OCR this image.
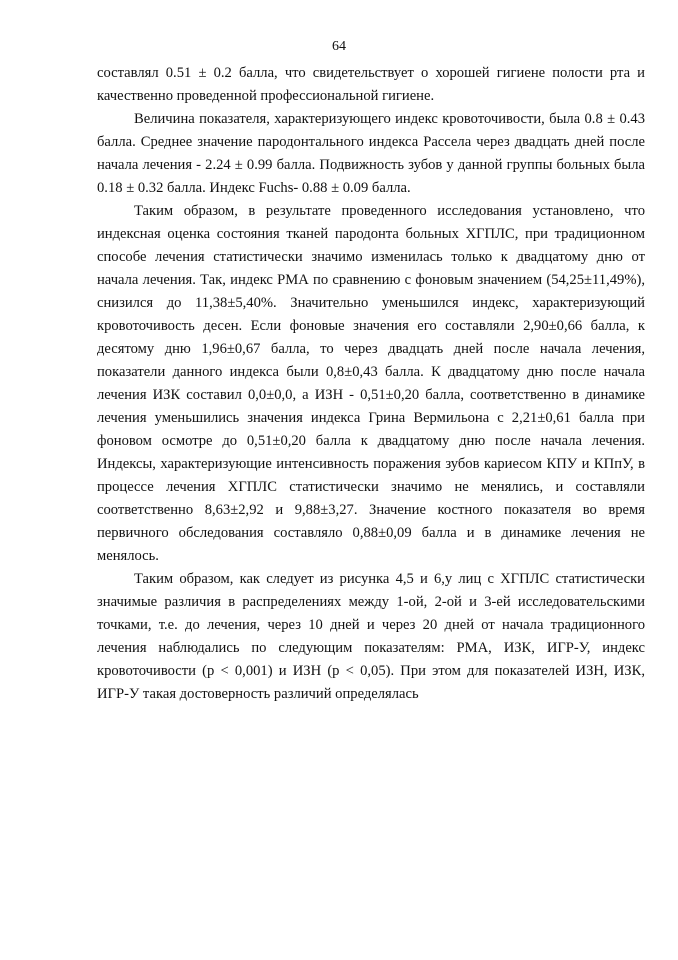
64

составлял 0.51 ± 0.2 балла, что свидетельствует о хорошей гигиене полости рта и качественно проведенной профессиональной гигиене.

Величина показателя, характеризующего индекс кровоточивости, была 0.8 ± 0.43 балла. Среднее значение пародонтального индекса Рассела через двадцать дней после начала лечения - 2.24 ± 0.99 балла. Подвижность зубов у данной группы больных была 0.18 ± 0.32 балла. Индекс Fuchs- 0.88 ± 0.09 балла.

Таким образом, в результате проведенного исследования установлено, что индексная оценка состояния тканей пародонта больных ХГПЛС, при традиционном способе лечения статистически значимо изменилась только к двадцатому дню от начала лечения. Так, индекс РМА по сравнению с фоновым значением (54,25±11,49%), снизился до 11,38±5,40%. Значительно уменьшился индекс, характеризующий кровоточивость десен. Если фоновые значения его составляли 2,90±0,66 балла, к десятому дню 1,96±0,67 балла, то через двадцать дней после начала лечения, показатели данного индекса были 0,8±0,43 балла. К двадцатому дню после начала лечения ИЗК составил 0,0±0,0, а ИЗН - 0,51±0,20 балла, соответственно в динамике лечения уменьшились значения индекса Грина Вермильона с 2,21±0,61 балла при фоновом осмотре до 0,51±0,20 балла к двадцатому дню после начала лечения. Индексы, характеризующие интенсивность поражения зубов кариесом КПУ и КПпУ, в процессе лечения ХГПЛС статистически значимо не менялись, и составляли соответственно 8,63±2,92 и 9,88±3,27. Значение костного показателя во время первичного обследования составляло 0,88±0,09 балла и в динамике лечения не менялось.

Таким образом, как следует из рисунка 4,5 и 6,у лиц с ХГПЛС статистически значимые различия в распределениях между 1-ой, 2-ой и 3-ей исследовательскими точками, т.е. до лечения, через 10 дней и через 20 дней от начала традиционного лечения наблюдались по следующим показателям: РМА, ИЗК, ИГР-У, индекс кровоточивости (p < 0,001) и ИЗН (p < 0,05). При этом для показателей ИЗН, ИЗК, ИГР-У такая достоверность различий определялась
